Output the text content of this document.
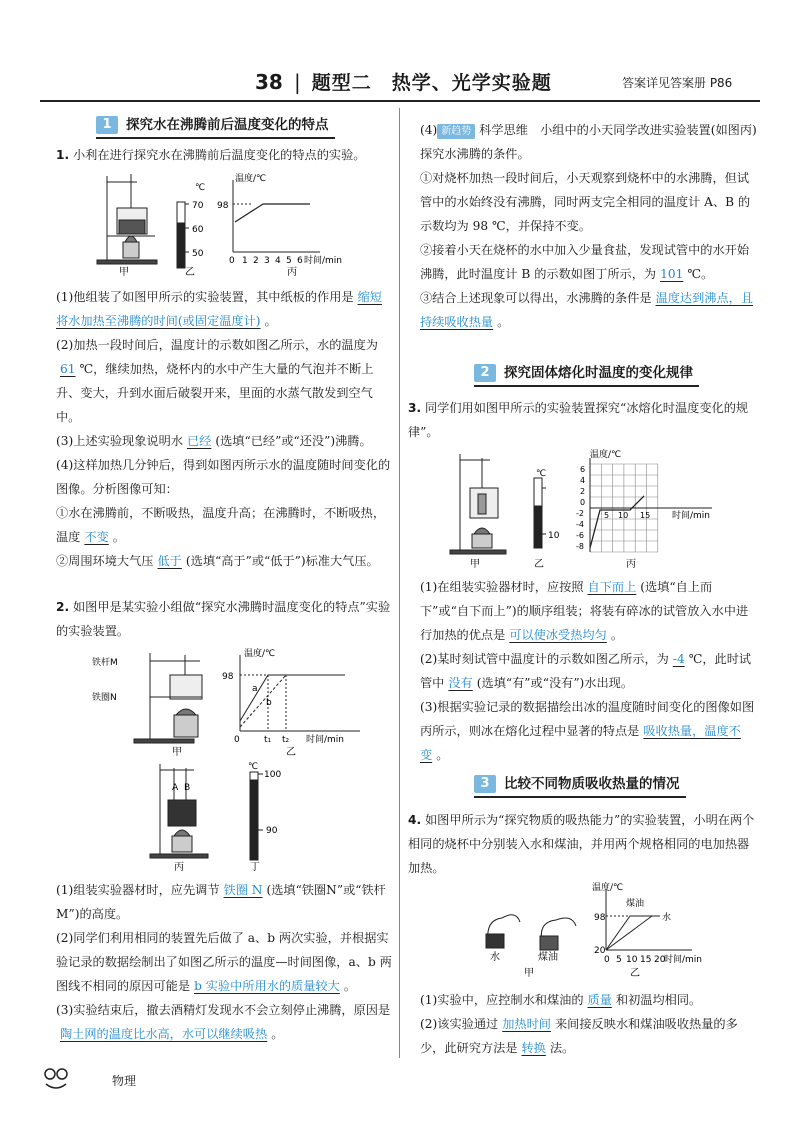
38 | 题型二　热学、光学实验题	答案详见答案册 P86
1	探究水在沸腾前后温度变化的特点
1. 小利在进行探究水在沸腾前后温度变化的特点的实验。
70
60
50
℃
温度/℃
98
0 1 2 3 4 5 6 时间/min
甲	乙	丙

(1)他组装了如图甲所示的实验装置，其中纸板的作用是 缩短将水加热至沸腾的时间(或固定温度计) 。

(2)加热一段时间后，温度计的示数如图乙所示，水的温度为61 ℃，继续加热，烧杯内的水中产生大量的气泡并不断上升、变大，升到水面后破裂开来，里面的水蒸气散发到空气中。

(3)上述实验现象说明水 已经 (选填“已经”或“还没”)沸腾。

(4)这样加热几分钟后，得到如图丙所示水的温度随时间变化的图像。分析图像可知：

①水在沸腾前，不断吸热，温度升高；在沸腾时，不断吸热，温度 不变 。

②周围环境大气压 低于 (选填“高于”或“低于”)标准大气压。

2. 如图甲是某实验小组做“探究水沸腾时温度变化的特点”实验的实验装置。
铁杆M
铁圈N
温度/℃
98
a
b
0	t₁ t₂ 时间/min
甲	乙
A B
℃
100
90
丙	丁

(1)组装实验器材时，应先调节 铁圈 N (选填“铁圈N”或“铁杆 M”)的高度。

(2)同学们利用相同的装置先后做了 a、b 两次实验，并根据实验记录的数据绘制出了如图乙所示的温度—时间图像，a、b 两图线不相同的原因可能是 b 实验中所用水的质量较大 。

(3)实验结束后，撤去酒精灯发现水不会立刻停止沸腾，原因是陶土网的温度比水高，水可以继续吸热 。

(4) 新趋势 科学思维　小组中的小天同学改进实验装置(如图丙)探究水沸腾的条件。

①对烧杯加热一段时间后，小天观察到烧杯中的水沸腾，但试管中的水始终没有沸腾，同时两支完全相同的温度计 A、B 的示数均为 98 ℃，并保持不变。

②接着小天在烧杯的水中加入少量食盐，发现试管中的水开始沸腾，此时温度计 B 的示数如图丁所示，为 101 ℃。

③结合上述现象可以得出，水沸腾的条件是 温度达到沸点，且持续吸收热量 。

2	探究固体熔化时温度的变化规律
3. 同学们用如图甲所示的实验装置探究“冰熔化时温度变化的规律”。
℃
10
温度/℃
6
4
2
0
-2
-4
-6
-8
5 10 15 时间/min
甲	乙	丙

(1)在组装实验器材时，应按照 自下而上 (选填“自上而下”或“自下而上”)的顺序组装；将装有碎冰的试管放入水中进行加热的优点是 可以使冰受热均匀 。

(2)某时刻试管中温度计的示数如图乙所示，为 -4 ℃，此时试管中 没有 (选填“有”或“没有”)水出现。

(3)根据实验记录的数据描绘出冰的温度随时间变化的图像如图丙所示，则冰在熔化过程中显著的特点是 吸收热量，温度不变 。

3	比较不同物质吸收热量的情况
4. 如图甲所示为“探究物质的吸热能力”的实验装置，小明在两个相同的烧杯中分别装入水和煤油，并用两个规格相同的电加热器加热。
水	煤油
甲
温度/℃
98
20
煤油
水
0 5 10 15 20
时间/min
乙

(1)实验中，应控制水和煤油的 质量 和初温均相同。

(2)该实验通过 加热时间 来间接反映水和煤油吸收热量的多少，此研究方法是 转换 法。

物理
